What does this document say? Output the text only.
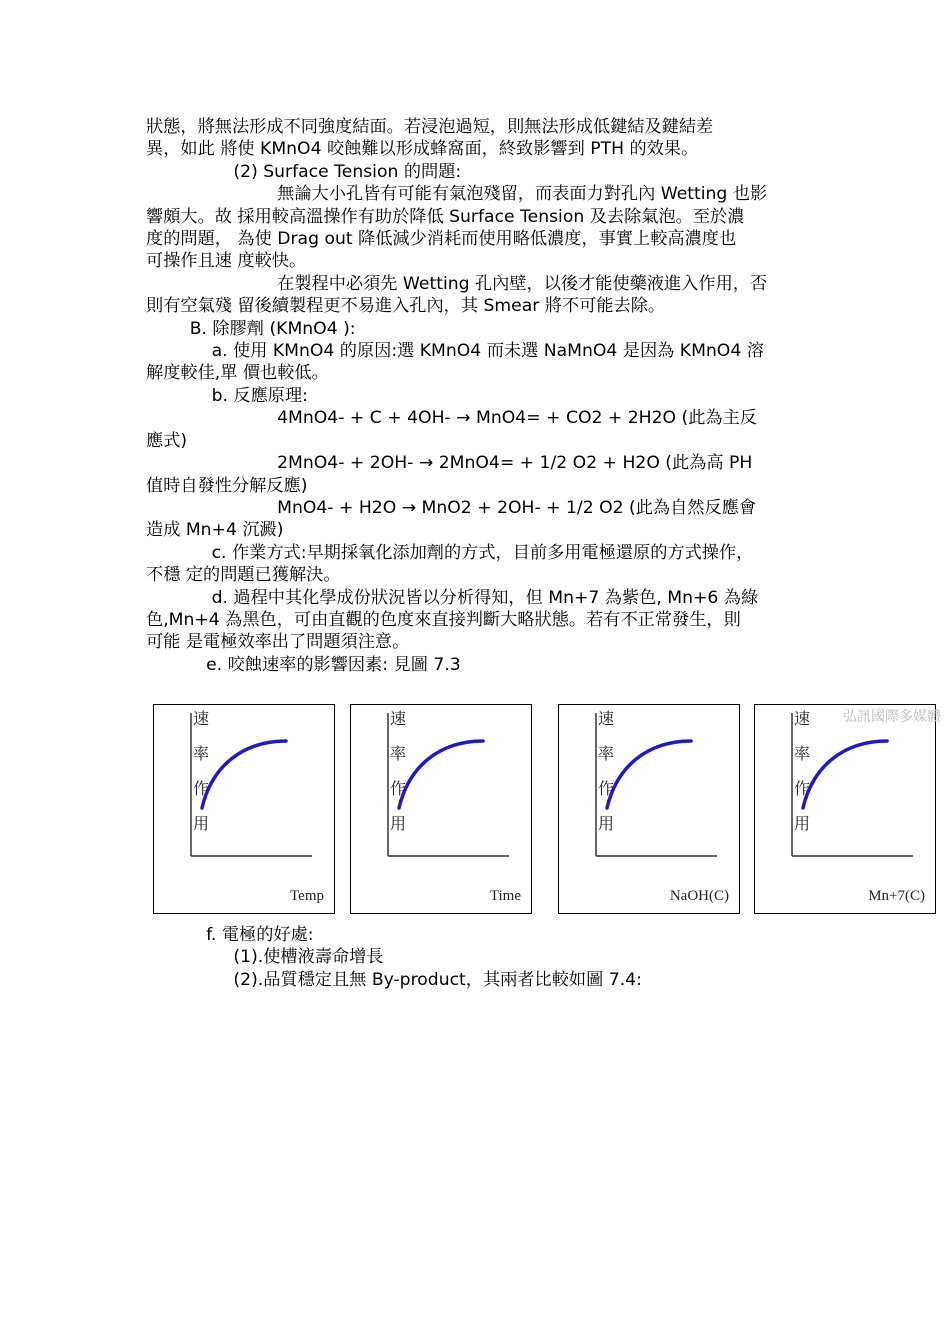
狀態，將無法形成不同強度結面。若浸泡過短，則無法形成低鍵結及鍵結差

異，如此 將使 KMnO4 咬蝕難以形成蜂窩面，終致影響到 PTH 的效果。

(2) Surface Tension 的問題:

無論大小孔皆有可能有氣泡殘留，而表面力對孔內 Wetting 也影

響頗大。故 採用較高溫操作有助於降低 Surface Tension 及去除氣泡。至於濃

度的問題， 為使 Drag out 降低減少消耗而使用略低濃度，事實上較高濃度也

可操作且速 度較快。

在製程中必須先 Wetting 孔內壁，以後才能使藥液進入作用，否

則有空氣殘 留後續製程更不易進入孔內，其 Smear 將不可能去除。

B. 除膠劑 (KMnO4 ):

a. 使用 KMnO4 的原因:選 KMnO4 而未選 NaMnO4 是因為 KMnO4 溶

解度較佳,單 價也較低。

b. 反應原理:

4MnO4- + C + 4OH- → MnO4= + CO2 + 2H2O (此為主反

應式)

2MnO4- + 2OH- → 2MnO4= + 1/2 O2 + H2O (此為高 PH

值時自發性分解反應)

MnO4- + H2O → MnO2 + 2OH- + 1/2 O2 (此為自然反應會

造成 Mn+4 沉澱)

c. 作業方式:早期採氧化添加劑的方式，目前多用電極還原的方式操作，

不穩 定的問題已獲解決。

d. 過程中其化學成份狀況皆以分析得知，但 Mn+7 為紫色, Mn+6 為綠

色,Mn+4 為黑色，可由直觀的色度來直接判斷大略狀態。若有不正常發生，則

可能 是電極效率出了問題須注意。

e. 咬蝕速率的影響因素: 見圖 7.3

速
率
作
用
Temp
速
率
作
用
Time
速
率
作
用
NaOH(C)
速
率
作
用
Mn+7(C)
弘訊國際多媒體

f. 電極的好處:

(1).使槽液壽命增長

(2).品質穩定且無 By-product，其兩者比較如圖 7.4:
